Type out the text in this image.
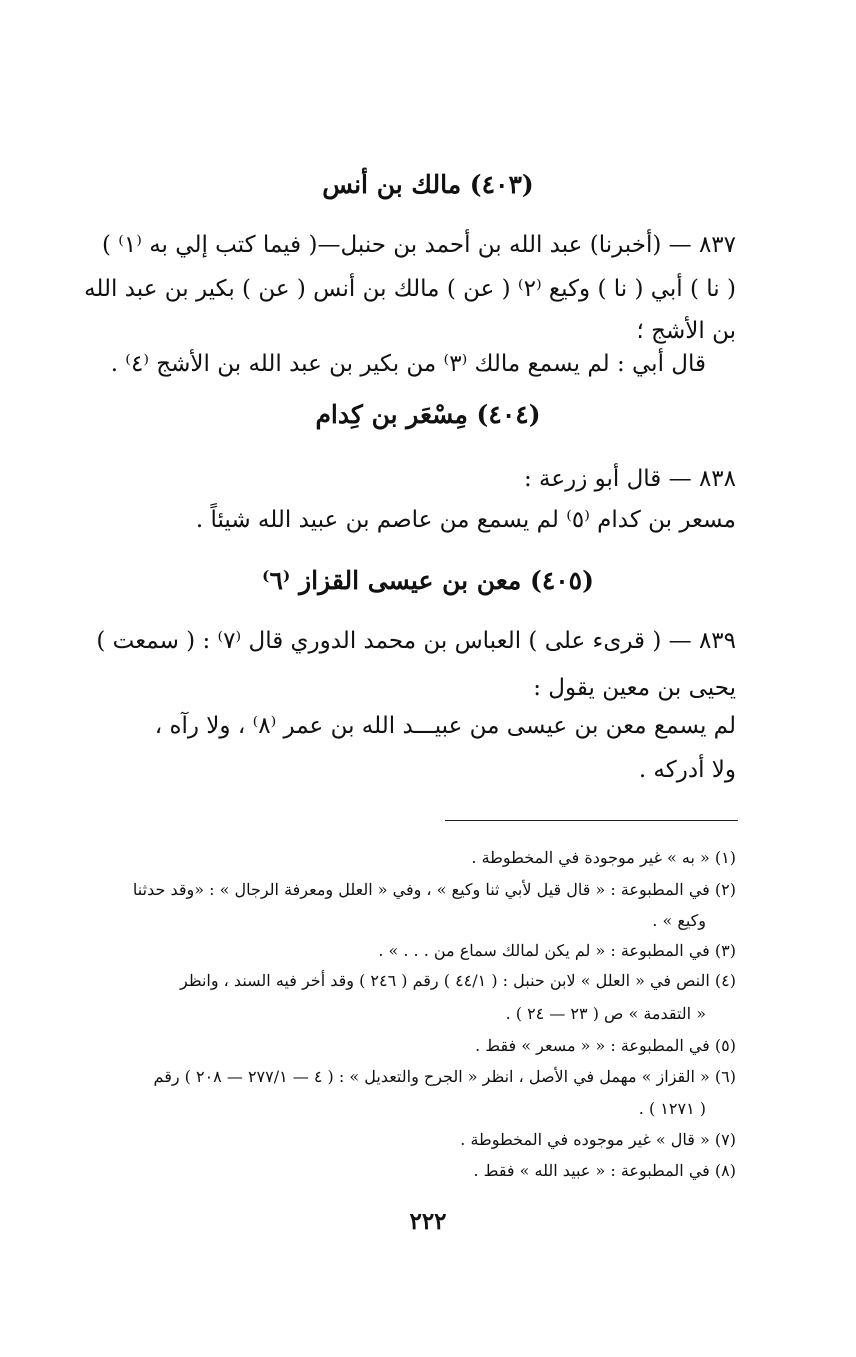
(٤٠٣) مالك بن أنس
٨٣٧ — (أخبرنا) عبد الله بن أحمد بن حنبل—( فيما كتب إلي به ⁽١⁾ )
( نا ) أبي ( نا ) وكيع ⁽٢⁾ ( عن ) مالك بن أنس ( عن ) بكير بن عبد الله
بن الأشج ؛
قال أبي : لم يسمع مالك ⁽٣⁾ من بكير بن عبد الله بن الأشج ⁽٤⁾ .
(٤٠٤) مِسْعَر بن كِدام
٨٣٨ — قال أبو زرعة :
مسعر بن كدام ⁽٥⁾ لم يسمع من عاصم بن عبيد الله شيئاً .
(٤٠٥) معن بن عيسى القزاز ⁽٦⁾
٨٣٩ — ( قرىء على ) العباس بن محمد الدوري قال ⁽٧⁾ : ( سمعت )
يحيى بن معين يقول :
لم يسمع معن بن عيسى من عبيـــد الله بن عمر ⁽٨⁾ ، ولا رآه ،
ولا أدركه .
(١) « به » غير موجودة في المخطوطة .
(٢) في المطبوعة : « قال قيل لأبي ثنا وكيع » ، وفي « العلل ومعرفة الرجال » : «وقد حدثنا
وكيع » .
(٣) في المطبوعة : « لم يكن لمالك سماع من . . . » .
(٤) النص في « العلل » لابن حنبل : ( ٤٤/١ ) رقم ( ٢٤٦ ) وقد أخر فيه السند ، وانظر
« التقدمة » ص ( ٢٣ — ٢٤ ) .
(٥) في المطبوعة : « « مسعر » فقط .
(٦) « القزاز » مهمل في الأصل ، انظر « الجرح والتعديل » : ( ٤ — ٢٧٧/١ — ٢٠٨ ) رقم
( ١٢٧١ ) .
(٧) « قال » غير موجوده في المخطوطة .
(٨) في المطبوعة : « عبيد الله » فقط .
٢٢٢
